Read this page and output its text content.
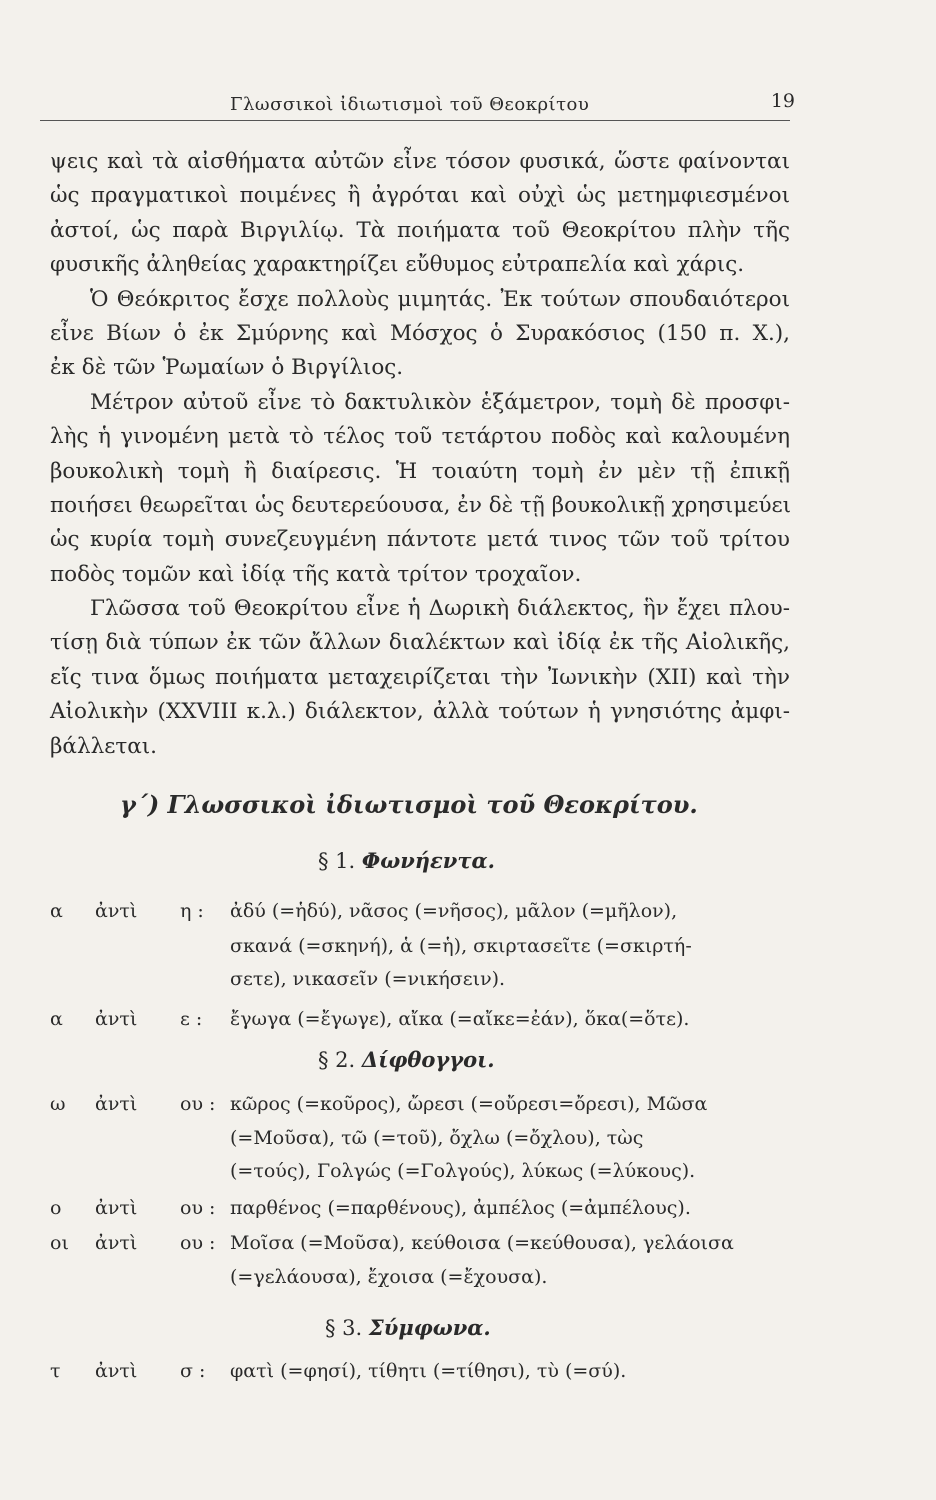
Γλωσσικοὶ ἰδιωτισμοὶ τοῦ Θεοκρίτου	19
ψεις καὶ τὰ αἰσθήματα αὐτῶν εἶνε τόσον φυσικά, ὥστε φαίνονται
ὡς πραγματικοὶ ποιμένες ἢ ἀγρόται καὶ οὐχὶ ὡς μετημφιεσμένοι
ἀστοί, ὡς παρὰ Βιργιλίῳ. Τὰ ποιήματα τοῦ Θεοκρίτου πλὴν τῆς
φυσικῆς ἀληθείας χαρακτηρίζει εὔθυμος εὐτραπελία καὶ χάρις.
Ὁ Θεόκριτος ἔσχε πολλοὺς μιμητάς. Ἐκ τούτων σπουδαιότεροι
εἶνε Βίων ὁ ἐκ Σμύρνης καὶ Μόσχος ὁ Συρακόσιος (150 π. Χ.),
ἐκ δὲ τῶν Ῥωμαίων ὁ Βιργίλιος.
Μέτρον αὐτοῦ εἶνε τὸ δακτυλικὸν ἑξάμετρον, τομὴ δὲ προσφι-
λὴς ἡ γινομένη μετὰ τὸ τέλος τοῦ τετάρτου ποδὸς καὶ καλουμένη
βουκολικὴ τομὴ ἢ διαίρεσις. Ἡ τοιαύτη τομὴ ἐν μὲν τῇ ἐπικῇ
ποιήσει θεωρεῖται ὡς δευτερεύουσα, ἐν δὲ τῇ βουκολικῇ χρησιμεύει
ὡς κυρία τομὴ συνεζευγμένη πάντοτε μετά τινος τῶν τοῦ τρίτου
ποδὸς τομῶν καὶ ἰδίᾳ τῆς κατὰ τρίτον τροχαῖον.
Γλῶσσα τοῦ Θεοκρίτου εἶνε ἡ Δωρικὴ διάλεκτος, ἣν ἔχει πλου-
τίσῃ διὰ τύπων ἐκ τῶν ἄλλων διαλέκτων καὶ ἰδίᾳ ἐκ τῆς Αἰολικῆς,
εἴς τινα ὅμως ποιήματα μεταχειρίζεται τὴν Ἰωνικὴν (XII) καὶ τὴν
Αἰολικὴν (XXVIII κ.λ.) διάλεκτον, ἀλλὰ τούτων ἡ γνησιότης ἀμφι-
βάλλεται.
γ΄) Γλωσσικοὶ ἰδιωτισμοὶ τοῦ Θεοκρίτου.
§ 1. Φωνήεντα.
α	ἀντὶ	η :	ἀδύ (=ἡδύ), νᾶσος (=νῆσος), μᾶλον (=μῆλον),
σκανά (=σκηνή), ἁ (=ἡ), σκιρτασεῖτε (=σκιρτή-
σετε), νικασεῖν (=νικήσειν).
α	ἀντὶ	ε :	ἔγωγα (=ἔγωγε), αἴκα (=αἴκε=ἐάν), ὅκα(=ὅτε).
§ 2. Δίφθογγοι.
ω	ἀντὶ	ου : κῶρος (=κοῦρος), ὤρεσι (=οὔρεσι=ὄρεσι), Μῶσα
(=Μοῦσα), τῶ (=τοῦ), ὄχλω (=ὄχλου), τὼς
(=τούς), Γολγώς (=Γολγούς), λύκως (=λύκους).
ο	ἀντὶ	ου : παρθένος (=παρθένους), ἀμπέλος (=ἀμπέλους).
οι	ἀντὶ	ου : Μοῖσα (=Μοῦσα), κεύθοισα (=κεύθουσα), γελάοισα
(=γελάουσα), ἔχοισα (=ἔχουσα).
§ 3. Σύμφωνα.
τ	ἀντὶ	σ :	φατὶ (=φησί), τίθητι (=τίθησι), τὺ (=σύ).
